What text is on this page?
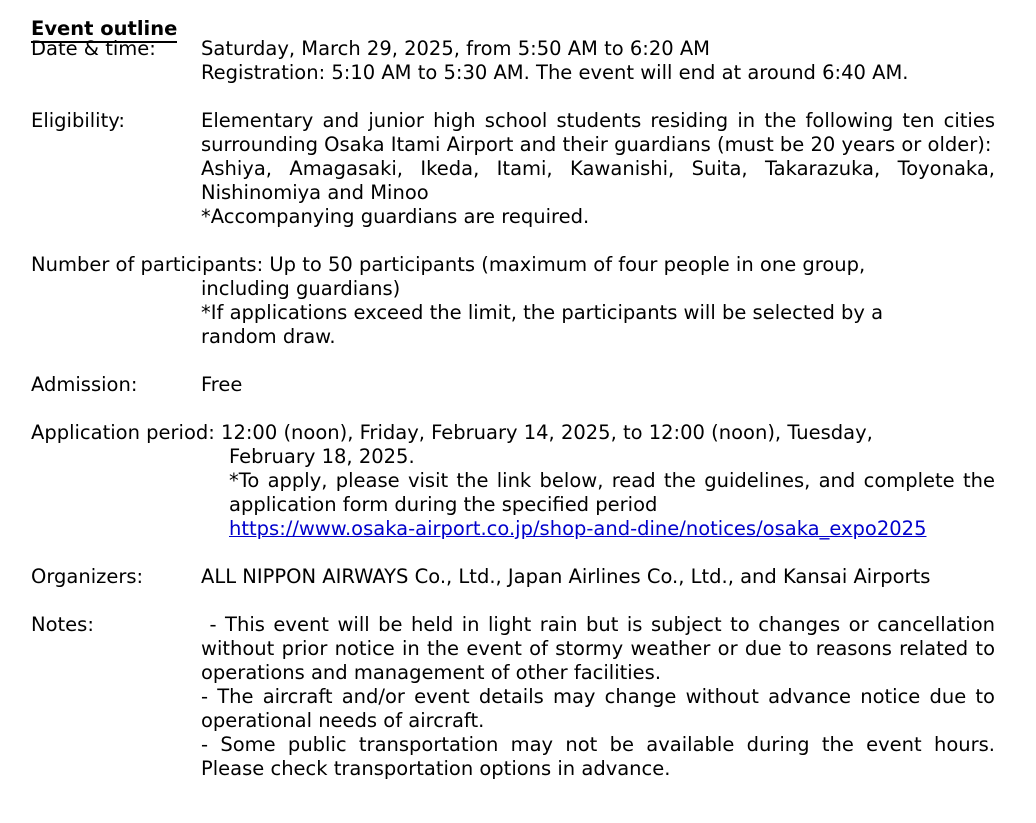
Event outline
Date & time: Saturday, March 29, 2025, from 5:50 AM to 6:20 AM
Registration: 5:10 AM to 5:30 AM. The event will end at around 6:40 AM.
Eligibility:	Elementary and junior high school students residing in the following ten cities surrounding Osaka Itami Airport and their guardians (must be 20 years or older):
Ashiya, Amagasaki, Ikeda, Itami, Kawanishi, Suita, Takarazuka, Toyonaka, Nishinomiya and Minoo
*Accompanying guardians are required.
Number of participants: Up to 50 participants (maximum of four people in one group,
including guardians)
*If applications exceed the limit, the participants will be selected by a random draw.
Admission:	Free
Application period: 12:00 (noon), Friday, February 14, 2025, to 12:00 (noon), Tuesday,
February 18, 2025.
*To apply, please visit the link below, read the guidelines, and complete the application form during the specified period
https://www.osaka-airport.co.jp/shop-and-dine/notices/osaka_expo2025
Organizers:	ALL NIPPON AIRWAYS Co., Ltd., Japan Airlines Co., Ltd., and Kansai Airports
Notes:	- This event will be held in light rain but is subject to changes or cancellation without prior notice in the event of stormy weather or due to reasons related to operations and management of other facilities.
- The aircraft and/or event details may change without advance notice due to operational needs of aircraft.
- Some public transportation may not be available during the event hours. Please check transportation options in advance.
